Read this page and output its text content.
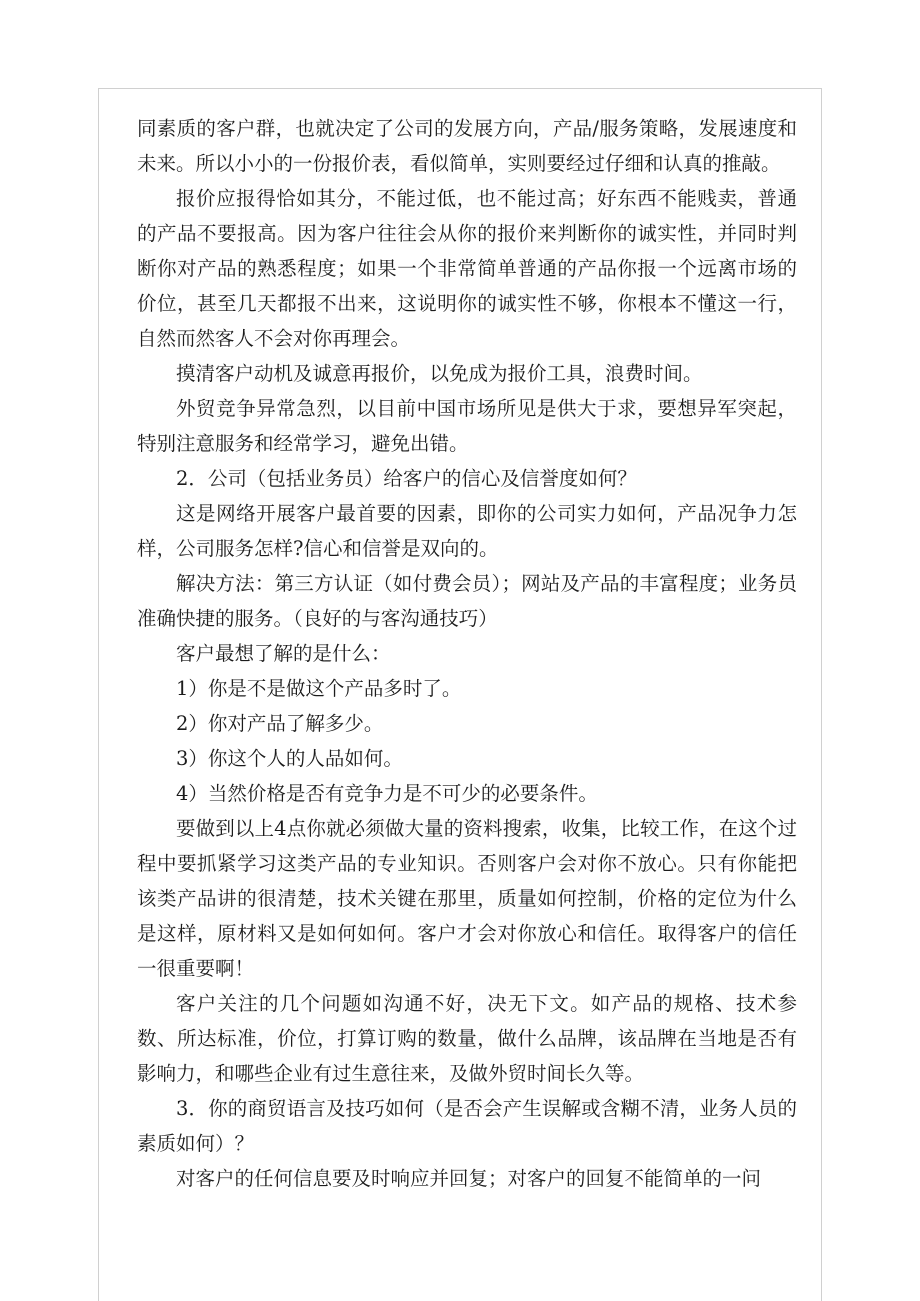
同素质的客户群，也就决定了公司的发展方向，产品/服务策略，发展速度和未来。所以小小的一份报价表，看似简单，实则要经过仔细和认真的推敲。

报价应报得恰如其分，不能过低，也不能过高；好东西不能贱卖，普通的产品不要报高。因为客户往往会从你的报价来判断你的诚实性，并同时判断你对产品的熟悉程度；如果一个非常简单普通的产品你报一个远离市场的价位，甚至几天都报不出来，这说明你的诚实性不够，你根本不懂这一行，自然而然客人不会对你再理会。

摸清客户动机及诚意再报价，以免成为报价工具，浪费时间。

外贸竞争异常急烈，以目前中国市场所见是供大于求，要想异军突起，特别注意服务和经常学习，避免出错。

2．公司（包括业务员）给客户的信心及信誉度如何？

这是网络开展客户最首要的因素，即你的公司实力如何，产品况争力怎样，公司服务怎样?信心和信誉是双向的。

解决方法：第三方认证（如付费会员）；网站及产品的丰富程度；业务员准确快捷的服务。（良好的与客沟通技巧）

客户最想了解的是什么：

1）你是不是做这个产品多时了。

2）你对产品了解多少。

3）你这个人的人品如何。

4）当然价格是否有竞争力是不可少的必要条件。

要做到以上4点你就必须做大量的资料搜索，收集，比较工作，在这个过程中要抓紧学习这类产品的专业知识。否则客户会对你不放心。只有你能把该类产品讲的很清楚，技术关键在那里，质量如何控制，价格的定位为什么是这样，原材料又是如何如何。客户才会对你放心和信任。取得客户的信任一很重要啊！

客户关注的几个问题如沟通不好，决无下文。如产品的规格、技术参数、所达标准，价位，打算订购的数量，做什么品牌，该品牌在当地是否有影响力，和哪些企业有过生意往来，及做外贸时间长久等。

3．你的商贸语言及技巧如何（是否会产生误解或含糊不清，业务人员的素质如何）？

对客户的任何信息要及时响应并回复；对客户的回复不能简单的一问
